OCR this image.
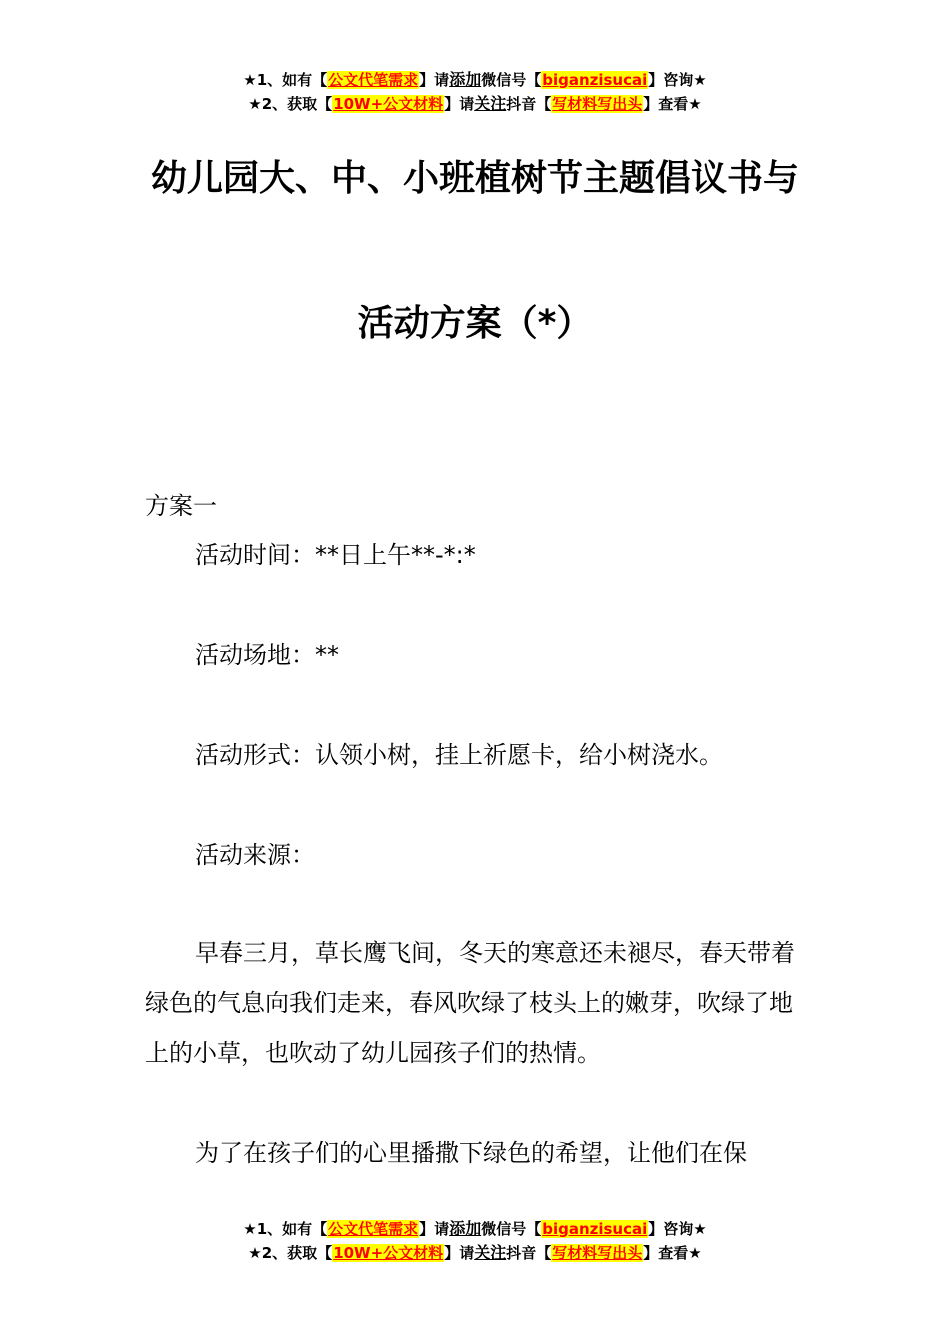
★1、如有【公文代笔需求】请添加微信号【biganzisucai】咨询★
★2、获取【10W+公文材料】请关注抖音【写材料写出头】查看★
幼儿园大、中、小班植树节主题倡议书与
活动方案（*）
方案一
活动时间：**日上午**-*:*
活动场地：**
活动形式：认领小树，挂上祈愿卡，给小树浇水。
活动来源：
早春三月，草长鹰飞间，冬天的寒意还未褪尽，春天带着绿色的气息向我们走来，春风吹绿了枝头上的嫩芽，吹绿了地上的小草，也吹动了幼儿园孩子们的热情。
为了在孩子们的心里播撒下绿色的希望，让他们在保
★1、如有【公文代笔需求】请添加微信号【biganzisucai】咨询★
★2、获取【10W+公文材料】请关注抖音【写材料写出头】查看★
